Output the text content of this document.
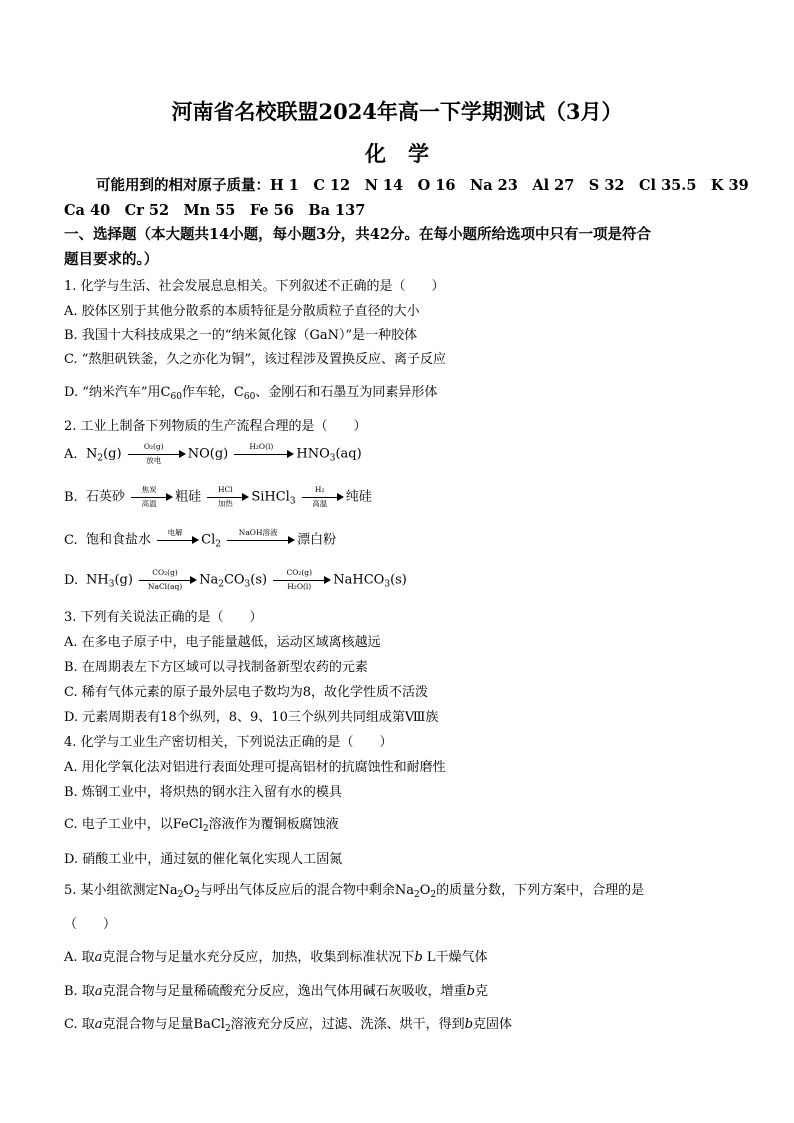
河南省名校联盟2024年高一下学期测试（3月）
化学
可能用到的相对原子质量：H 1　C 12　N 14　O 16　Na 23　Al 27　S 32　Cl 35.5　K 39
Ca 40　Cr 52　Mn 55　Fe 56　Ba 137
一、选择题（本大题共14小题，每小题3分，共42分。在每小题所给选项中只有一项是符合
题目要求的。）
1. 化学与生活、社会发展息息相关。下列叙述不正确的是（　　）
A. 胶体区别于其他分散系的本质特征是分散质粒子直径的大小
B. 我国十大科技成果之一的“纳米氮化镓（GaN）”是一种胶体
C. “熬胆矾铁釜，久之亦化为铜”，该过程涉及置换反应、离子反应
D. “纳米汽车”用$C_{60}$作车轮，$C_{60}$、金刚石和石墨互为同素异形体
2. 工业上制备下列物质的生产流程合理的是（　　）
A. $N_2(g)$	O₂(g)
放电	NO(g)	H₂O(l)	$HNO_3(aq)$
B. 石英砂	焦炭
高温	粗硅	HCl
加热	SiHCl$_3$
H₂
高温	纯硅
C. 饱和食盐水	电解	$Cl_2$
NaOH溶液	漂白粉
D. $NH_3(g)$	CO₂(g)
NaCl(aq)	$Na_2CO_3(s) \frac{\text{CO₂(g)}}{\text{H₂O(l)}}$ NaHCO$_3$(s)
3. 下列有关说法正确的是（　　）
A. 在多电子原子中，电子能量越低，运动区域离核越远
B. 在周期表左下方区域可以寻找制备新型农药的元素
C. 稀有气体元素的原子最外层电子数均为8，故化学性质不活泼
D. 元素周期表有18个纵列，8、9、10三个纵列共同组成第Ⅷ族
4. 化学与工业生产密切相关，下列说法正确的是（　　）
A. 用化学氧化法对铝进行表面处理可提高铝材的抗腐蚀性和耐磨性
B. 炼钢工业中，将炽热的钢水注入留有水的模具
C. 电子工业中，以FeCl$_2$溶液作为覆铜板腐蚀液
D. 硝酸工业中，通过氨的催化氧化实现人工固氮
5. 某小组欲测定$Na_2O_2$与呼出气体反应后的混合物中剩余$Na_2O_2$的质量分数，下列方案中，合理的是
（　　）
A. 取a克混合物与足量水充分反应，加热，收集到标准状况下b L干燥气体
B. 取a克混合物与足量稀硫酸充分反应，逸出气体用碱石灰吸收，增重b克
C. 取a克混合物与足量BaCl$_2$溶液充分反应，过滤、洗涤、烘干，得到b克固体
